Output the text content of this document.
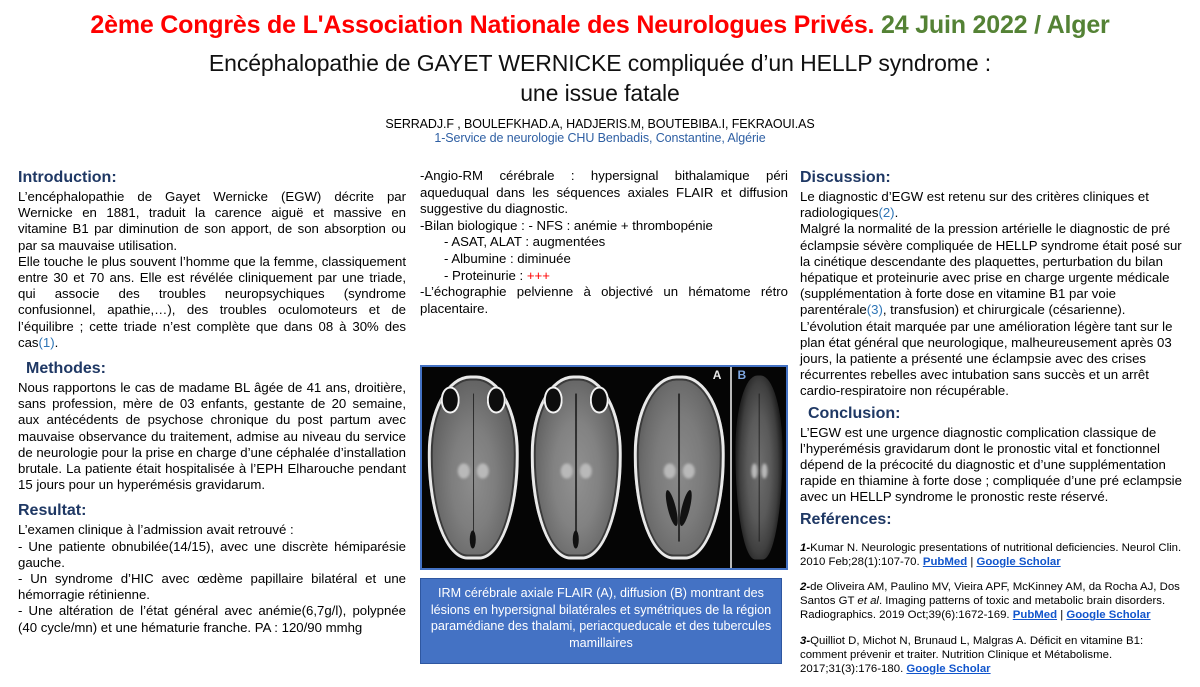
2ème Congrès de L'Association Nationale des Neurologues Privés. 24 Juin 2022 / Alger
Encéphalopathie de GAYET WERNICKE compliquée d’un HELLP syndrome :
une issue fatale
SERRADJ.F , BOULEFKHAD.A, HADJERIS.M, BOUTEBIBA.I, FEKRAOUI.AS
1-Service de neurologie CHU Benbadis, Constantine, Algérie
Introduction:

L’encéphalopathie de Gayet Wernicke (EGW) décrite par Wernicke en 1881, traduit la carence aiguë et massive en vitamine B1 par diminution de son apport, de son absorption ou par sa mauvaise utilisation.

Elle touche le plus souvent l’homme que la femme, classiquement entre 30 et 70 ans. Elle est révélée cliniquement par une triade, qui associe des troubles neuropsychiques (syndrome confusionnel, apathie,…), des troubles oculomoteurs et de l’équilibre ; cette triade n’est complète que dans 08 à 30% des cas(1).

Methodes:

Nous rapportons le cas de madame BL âgée de 41 ans, droitière, sans profession, mère de 03 enfants, gestante de 20 semaine, aux antécédents de psychose chronique du post partum avec mauvaise observance du traitement, admise au niveau du service de neurologie pour la prise en charge d’une céphalée d’installation brutale. La patiente était hospitalisée à l’EPH Elharouche pendant 15 jours pour un hyperémésis gravidarum.

Resultat:

L’examen clinique à l’admission avait retrouvé :

- Une patiente obnubilée(14/15), avec une discrète hémiparésie gauche.

- Un syndrome d’HIC avec œdème papillaire bilatéral et une hémorragie rétinienne.

- Une altération de l’état général avec anémie(6,7g/l), polypnée (40 cycle/mn) et une hématurie franche. PA : 120/90 mmhg

-Angio-RM cérébrale : hypersignal bithalamique péri aqueduqual dans les séquences axiales FLAIR et diffusion suggestive du diagnostic.

-Bilan biologique : - NFS : anémie + thrombopénie

- ASAT, ALAT : augmentées

- Albumine : diminuée

- Proteinurie : +++

-L’échographie pelvienne à objectivé un hématome rétro placentaire.

Discussion:

Le diagnostic d’EGW est retenu sur des critères cliniques et radiologiques(2).

Malgré la normalité de la pression artérielle le diagnostic de pré éclampsie sévère compliquée de HELLP syndrome était posé sur la cinétique descendante des plaquettes, perturbation du bilan hépatique et proteinurie avec prise en charge urgente médicale (supplémentation à forte dose en vitamine B1 par voie parentérale(3), transfusion) et chirurgicale (césarienne).

L’évolution était marquée par une amélioration légère tant sur le plan état général que neurologique, malheureusement après 03 jours, la patiente a présenté une éclampsie avec des crises récurrentes rebelles avec intubation sans succès et un arrêt cardio-respiratoire non récupérable.

Conclusion:

L’EGW est une urgence diagnostic complication classique de l’hyperémésis gravidarum dont le pronostic vital et fonctionnel dépend de la précocité du diagnostic et d’une supplémentation rapide en thiamine à forte dose ; compliquée d’une pré eclampsie avec un HELLP syndrome le pronostic reste réservé.

Reférences:

1-Kumar N. Neurologic presentations of nutritional deficiencies. Neurol Clin. 2010 Feb;28(1):107-70. PubMed | Google Scholar

2-de Oliveira AM, Paulino MV, Vieira APF, McKinney AM, da Rocha AJ, Dos Santos GT et al. Imaging patterns of toxic and metabolic brain disorders. Radiographics. 2019 Oct;39(6):1672-169. PubMed | Google Scholar

3-Quilliot D, Michot N, Brunaud L, Malgras A. Déficit en vitamine B1: comment prévenir et traiter. Nutrition Clinique et Métabolisme. 2017;31(3):176-180. Google Scholar

A B
IRM cérébrale axiale FLAIR (A), diffusion (B) montrant des lésions en hypersignal bilatérales et symétriques de la région paramédiane des thalami, periacqueducale et des tubercules mamillaires
